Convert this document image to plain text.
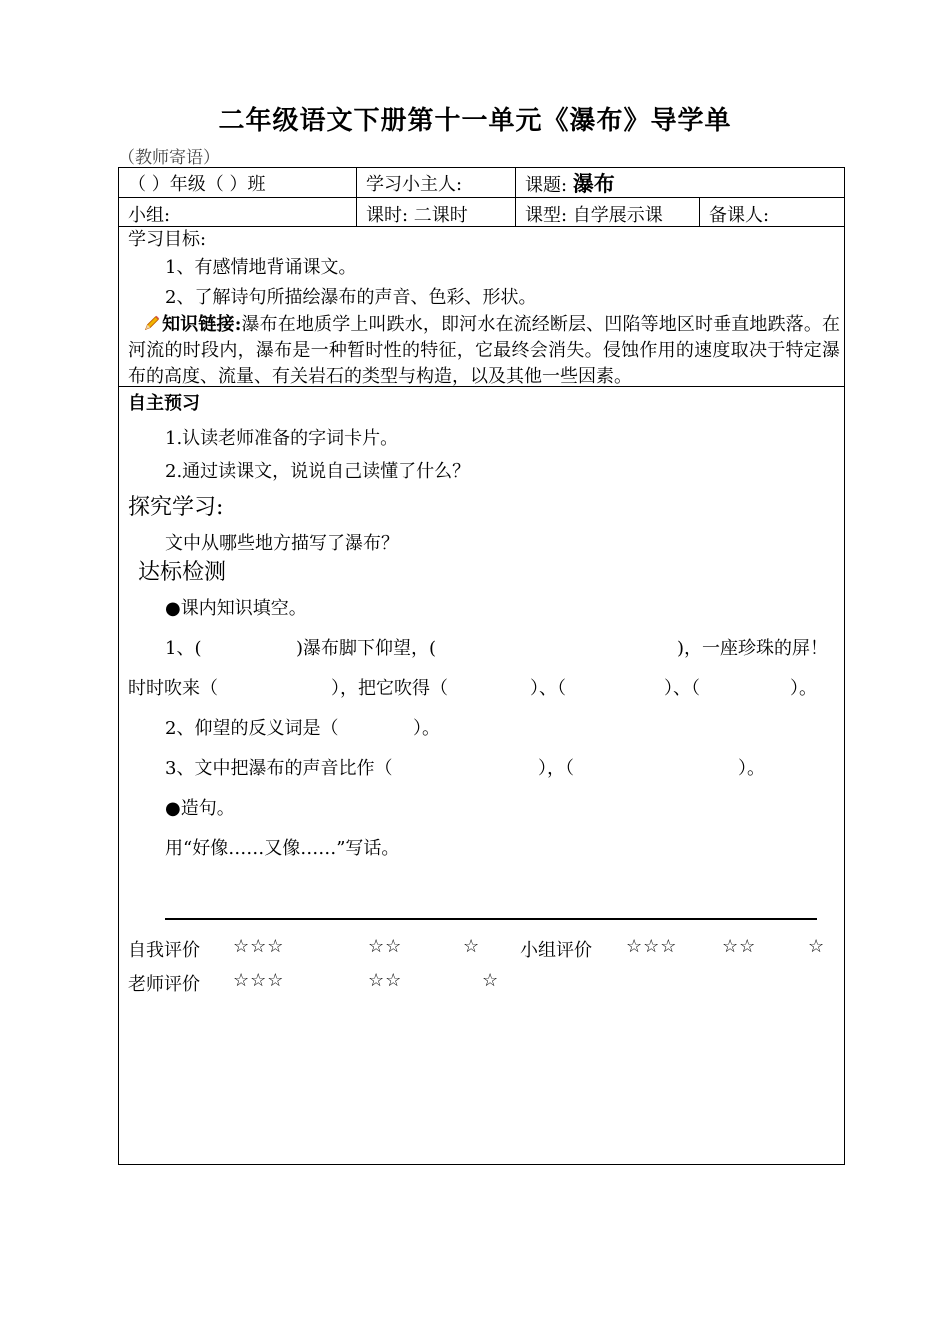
二年级语文下册第十一单元《瀑布》导学单
（教师寄语）
（ ）年级（ ）班	学习小主人:	课题: 瀑布
小组:	课时: 二课时	课型: 自学展示课	备课人:
学习目标:
1、有感情地背诵课文。
2、了解诗句所描绘瀑布的声音、色彩、形状。
知识链接:瀑布在地质学上叫跌水，即河水在流经断层、凹陷等地区时垂直地跌落。在河流的时段内，瀑布是一种暂时性的特征，它最终会消失。侵蚀作用的速度取决于特定瀑布的高度、流量、有关岩石的类型与构造，以及其他一些因素。
自主预习
1.认读老师准备的字词卡片。
2.通过读课文，说说自己读懂了什么？
探究学习:
文中从哪些地方描写了瀑布？
达标检测
●课内知识填空。
1、(	)瀑布脚下仰望，(	)，一座珍珠的屏！
时时吹来（	），把它吹得（	）、（	）、（	）。
2、仰望的反义词是（	）。
3、文中把瀑布的声音比作（	），（	）。
●造句。
用“好像……又像……”写话。
自我评价 ☆☆☆	☆☆	☆ 小组评价 ☆☆☆ ☆☆	☆
老师评价 ☆☆☆	☆☆	☆
